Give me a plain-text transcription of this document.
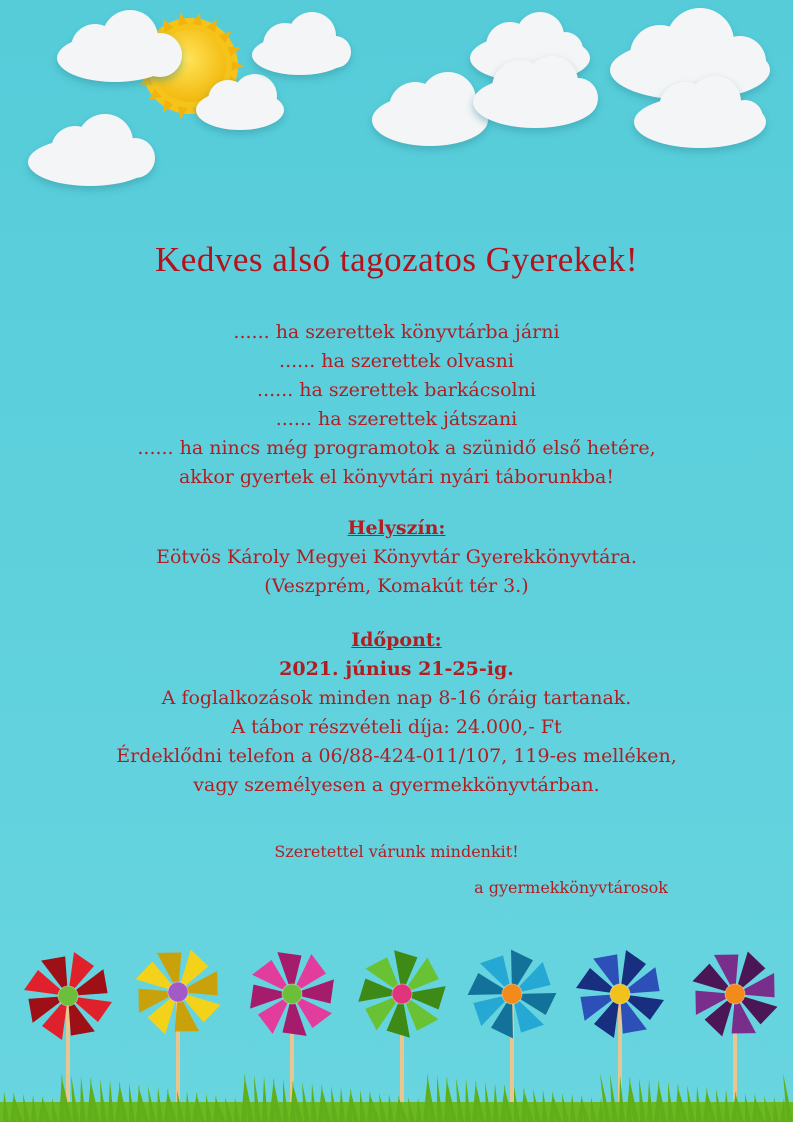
Kedves alsó tagozatos Gyerekek!

...... ha szerettek könyvtárba járni

...... ha szerettek olvasni

...... ha szerettek barkácsolni

...... ha szerettek játszani

...... ha nincs még programotok a szünidő első hetére,

akkor gyertek el könyvtári nyári táborunkba!

Helyszín:

Eötvös Károly Megyei Könyvtár Gyerekkönyvtára.

(Veszprém, Komakút tér 3.)

Időpont:

2021. június 21-25-ig.

A foglalkozások minden nap 8-16 óráig tartanak.

A tábor részvételi díja: 24.000,- Ft

Érdeklődni telefon a 06/88-424-011/107, 119-es melléken,

vagy személyesen a gyermekkönyvtárban.

Szeretettel várunk mindenkit!
a gyermekkönyvtárosok
